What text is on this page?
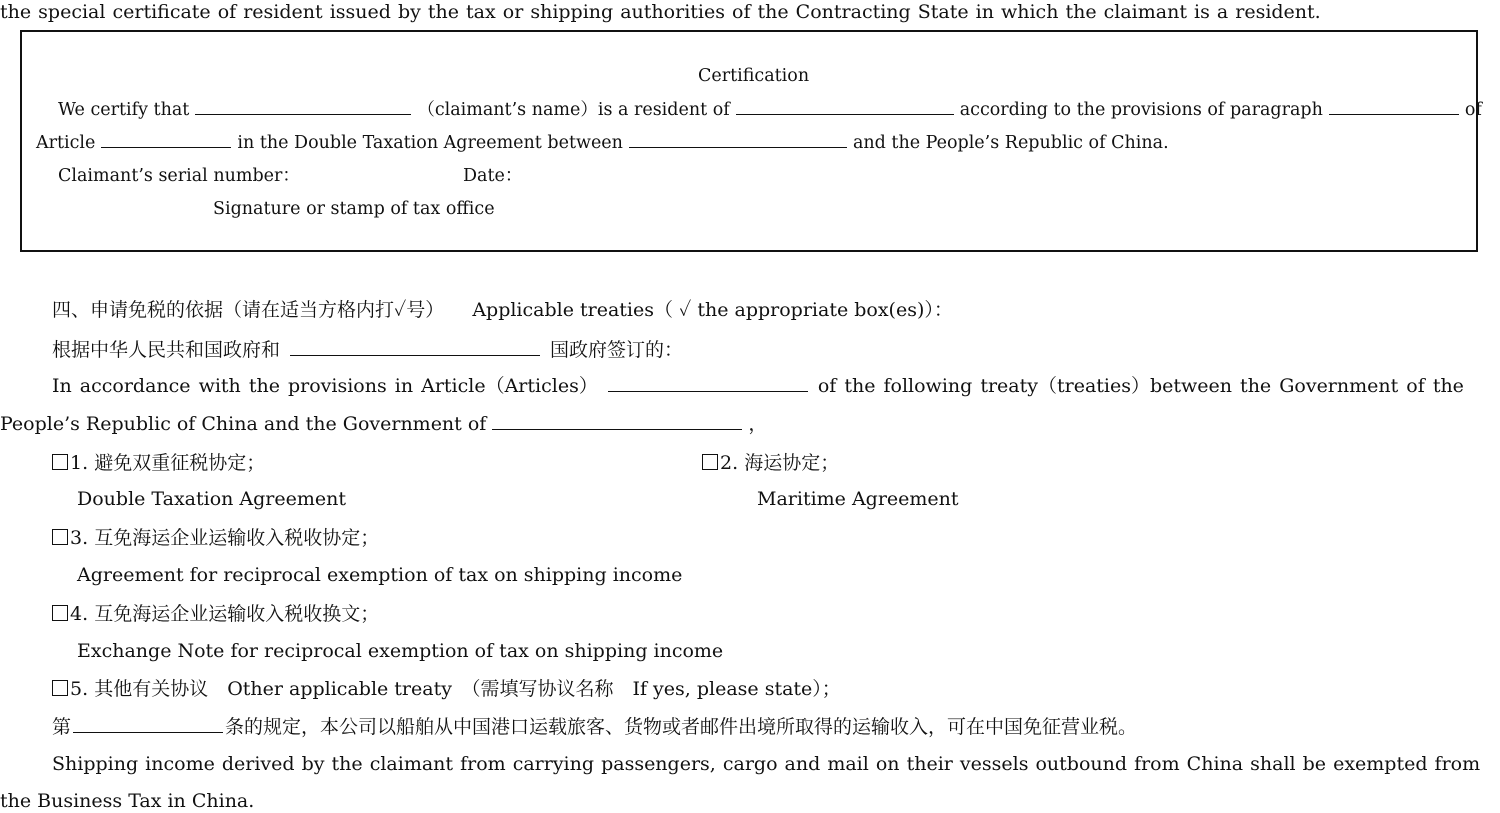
the special certificate of resident issued by the tax or shipping authorities of the Contracting State in which the claimant is a resident.
Certification
We certify that	（claimant’s name）is a resident of	according to the provisions of paragraph	of
Article	in the Double Taxation Agreement between	and the People’s Republic of China.
Claimant’s serial number：	Date：
Signature or stamp of tax office
四、申请免税的依据（请在适当方格内打✓号） Applicable treaties（ ✓ the appropriate box(es)）：
根据中华人民共和国政府和	国政府签订的：
In accordance with the provisions in Article（Articles）	of the following treaty（treaties）between the Government of the
People’s Republic of China and the Government of	，
1. 避免双重征税协定；
Double Taxation Agreement
2. 海运协定；
Maritime Agreement
3. 互免海运企业运输收入税收协定；
Agreement for reciprocal exemption of tax on shipping income
4. 互免海运企业运输收入税收换文；
Exchange Note for reciprocal exemption of tax on shipping income
5. 其他有关协议　Other applicable treaty　（需填写协议名称　If yes, please state）；
第	条的规定，本公司以船舶从中国港口运载旅客、货物或者邮件出境所取得的运输收入，可在中国免征营业税。
Shipping income derived by the claimant from carrying passengers, cargo and mail on their vessels outbound from China shall be exempted from
the Business Tax in China.
